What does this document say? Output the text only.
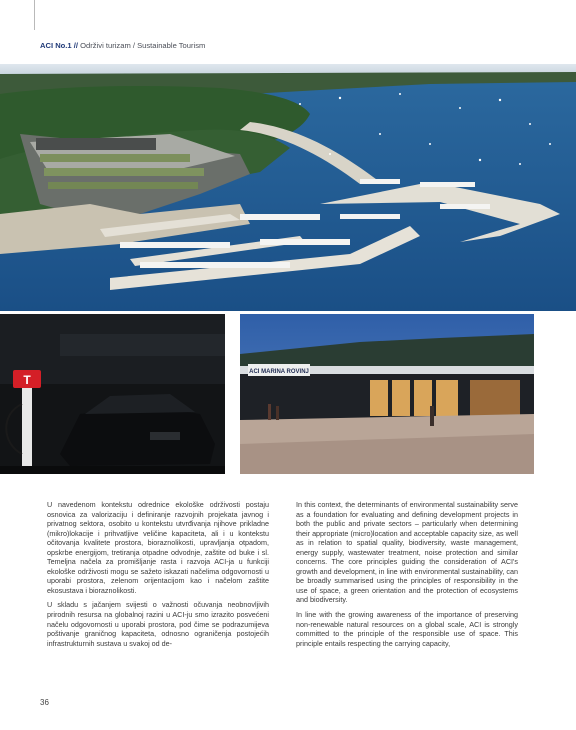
ACI No.1 // Održivi turizam / Sustainable Tourism
T
ACI MARINA ROVINJ

U navedenom kontekstu odrednice ekološke održivosti postaju osnovica za valorizaciju i definiranje razvojnih projekata javnog i privatnog sektora, osobito u kontekstu utvrđivanja njihove prikladne (mikro)lokacije i prihvatljive veličine kapaciteta, ali i u kontekstu očitovanja kvalitete prostora, bioraznolikosti, upravljanja otpadom, opskrbe energijom, tretiranja otpadne odvodnje, zaštite od buke i sl. Temeljna načela za promišljanje rasta i razvoja ACI-ja u funkciji ekološke održivosti mogu se sažeto iskazati načelima odgovornosti u uporabi prostora, zelenom orijentacijom kao i načelom zaštite ekosustava i bioraznolikosti.

U skladu s jačanjem svijesti o važnosti očuvanja neobnovljivih prirodnih resursa na globalnoj razini u ACI-ju smo izrazito posvećeni načelu odgovornosti u uporabi prostora, pod čime se podrazumijeva poštivanje graničnog kapaciteta, odnosno ograničenja postojećih infrastrukturnih sustava u svakoj od de-

In this context, the determinants of environmental sustainability serve as a foundation for evaluating and defining development projects in both the public and private sectors – particularly when determining their appropriate (micro)location and acceptable capacity size, as well as in relation to spatial quality, biodiversity, waste management, energy supply, wastewater treatment, noise protection and similar concerns. The core principles guiding the consideration of ACI's growth and development, in line with environmental sustainability, can be broadly summarised using the principles of responsibility in the use of space, a green orientation and the protection of ecosystems and biodiversity.

In line with the growing awareness of the importance of preserving non-renewable natural resources on a global scale, ACI is strongly committed to the principle of the responsible use of space. This principle entails respecting the carrying capacity,

36
